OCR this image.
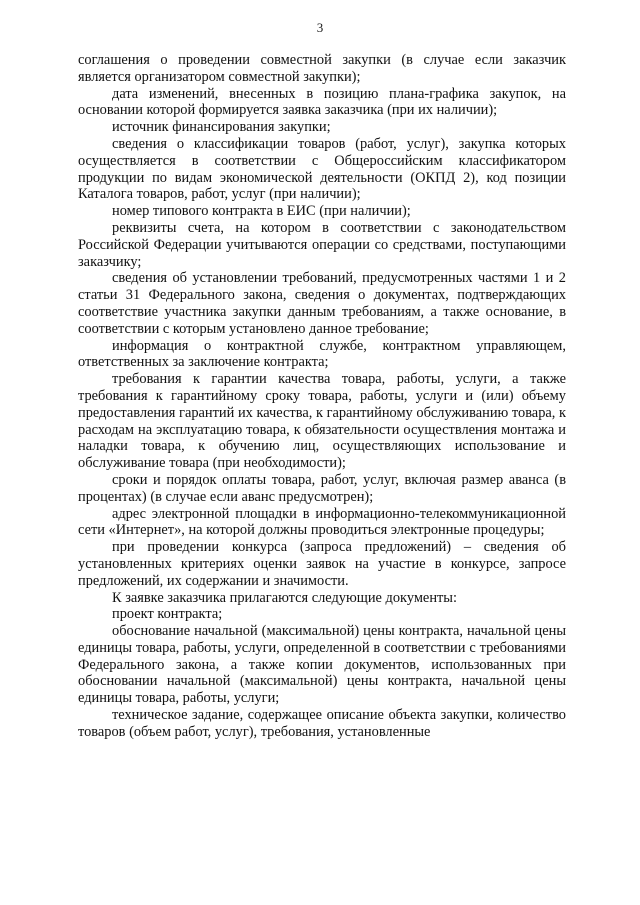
3

соглашения о проведении совместной закупки (в случае если заказчик является организатором совместной закупки);

дата изменений, внесенных в позицию плана-графика закупок, на основании которой формируется заявка заказчика (при их наличии);

источник финансирования закупки;

сведения о классификации товаров (работ, услуг), закупка которых осуществляется в соответствии с Общероссийским классификатором продукции по видам экономической деятельности (ОКПД 2), код позиции Каталога товаров, работ, услуг (при наличии);

номер типового контракта в ЕИС (при наличии);

реквизиты счета, на котором в соответствии с законодательством Российской Федерации учитываются операции со средствами, поступающими заказчику;

сведения об установлении требований, предусмотренных частями 1 и 2 статьи 31 Федерального закона, сведения о документах, подтверждающих соответствие участника закупки данным требованиям, а также основание, в соответствии с которым установлено данное требование;

информация о контрактной службе, контрактном управляющем, ответственных за заключение контракта;

требования к гарантии качества товара, работы, услуги, а также требования к гарантийному сроку товара, работы, услуги и (или) объему предоставления гарантий их качества, к гарантийному обслуживанию товара, к расходам на эксплуатацию товара, к обязательности осуществления монтажа и наладки товара, к обучению лиц, осуществляющих использование и обслуживание товара (при необходимости);

сроки и порядок оплаты товара, работ, услуг, включая размер аванса (в процентах) (в случае если аванс предусмотрен);

адрес электронной площадки в информационно-телекоммуникационной сети «Интернет», на которой должны проводиться электронные процедуры;

при проведении конкурса (запроса предложений) – сведения об установленных критериях оценки заявок на участие в конкурсе, запросе предложений, их содержании и значимости.

К заявке заказчика прилагаются следующие документы:

проект контракта;

обоснование начальной (максимальной) цены контракта, начальной цены единицы товара, работы, услуги, определенной в соответствии с требованиями Федерального закона, а также копии документов, использованных при обосновании начальной (максимальной) цены контракта, начальной цены единицы товара, работы, услуги;

техническое задание, содержащее описание объекта закупки, количество товаров (объем работ, услуг), требования, установленные
